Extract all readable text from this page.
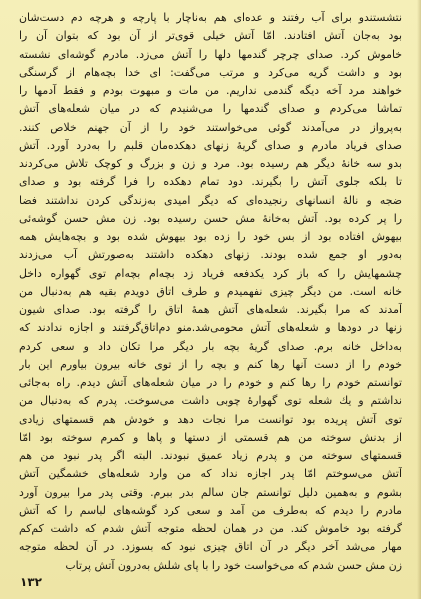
نتشستندو برای آب رفتند و عده‌ای هم به‌ناچار با پارچه و هرچه دم دست‌شان
بود به‌جان آتش افتادند. امّا آتش خیلی قوی‌تر از آن بود که بتوان آن را
خاموش کرد. صدای چرچر گندمها دلها را آتش می‌زد. مادرم گوشه‌ای نشسته
بود و داشت گریه می‌کرد و مرتب می‌گفت: ای خدا بچه‌هام از گرسنگی
خواهند مرد آخه دیگه گندمی نداریم. من مات و مبهوت بودم و فقط آدمها را
تماشا می‌کردم و صدای گندمها را می‌شنیدم که در میان شعله‌های آتش
به‌پرواز در می‌آمدند گوئی می‌خواستند خود را از آن جهنم خلاص کنند.
صدای فریاد مادرم و صدای گریهٔ زنهای دهکده‌مان قلبم را به‌درد آورد. آتش
بدو سه خانهٔ دیگر هم رسیده بود. مرد و زن و بزرگ و کوچک تلاش می‌کردند
تا بلکه جلوی آتش را بگیرند. دود تمام دهکده را فرا گرفته بود و صدای
ضجه و نالهٔ انسانهای رنجیده‌ای که دیگر امیدی به‌زندگی کردن نداشتند فضا
را پر کرده بود. آتش به‌خانهٔ مش حسن رسیده بود. زن مش حسن گوشه‌ئی
بیهوش افتاده بود از بس خود را زده بود بیهوش شده بود و بچه‌هایش همه
به‌دور او جمع شده بودند. زنهای دهکده داشتند به‌صورتش آب می‌زدند
چشمهایش را که باز کرد یکدفعه فریاد زد بچه‌ام بچه‌ام توی گهواره داخل
خانه است. من دیگر چیزی نفهمیدم و طرف اتاق دویدم بقیه هم به‌دنبال من
آمدند که مرا بگیرند. شعله‌های آتش همهٔ اتاق را گرفته بود. صدای شیون
زنها در دودها و شعله‌های آتش محو‌می‌شد.منو دم‌اتاق‌گرفتند و اجازه ندادند که
به‌داخل خانه برم. صدای گریهٔ بچه بار دیگر مرا تکان داد و سعی کردم
خودم را از دست آنها رها کنم و بچه را از توی خانه بیرون بیاورم این بار
توانستم خودم را رها کنم و خودم را در میان شعله‌های آتش دیدم. راه به‌جائی
نداشتم و یك شعله توی گهوارهٔ چوبی داشت می‌سوخت. پدرم که به‌دنبال من
توی آتش پریده بود توانست مرا نجات دهد و خودش هم قسمتهای زیادی
از بدنش سوخته من هم قسمتی از دستها و پاها و کمرم سوخته بود امّا
قسمتهای سوخته من و پدرم زیاد عمیق نبودند. البته اگر پدر نبود من هم
آتش می‌سوختم امّا پدر اجازه نداد که من وارد شعله‌های خشمگین آتش
بشوم و به‌همین دلیل توانستم جان سالم بدر ببرم. وقتی پدر مرا بیرون آورد
مادرم را دیدم که به‌طرف من آمد و سعی کرد گوشه‌های لباسم را که آتش
گرفته بود خاموش کند. من در همان لحظه متوجه آتش شدم که داشت کم‌کم
مهار می‌شد آخر دیگر در آن اتاق چیزی نبود که بسوزد. در آن لحظه متوجه
زن مش حسن شدم که می‌خواست خود را با پای شلش به‌درون آتش پرتاب
۱۳۲
